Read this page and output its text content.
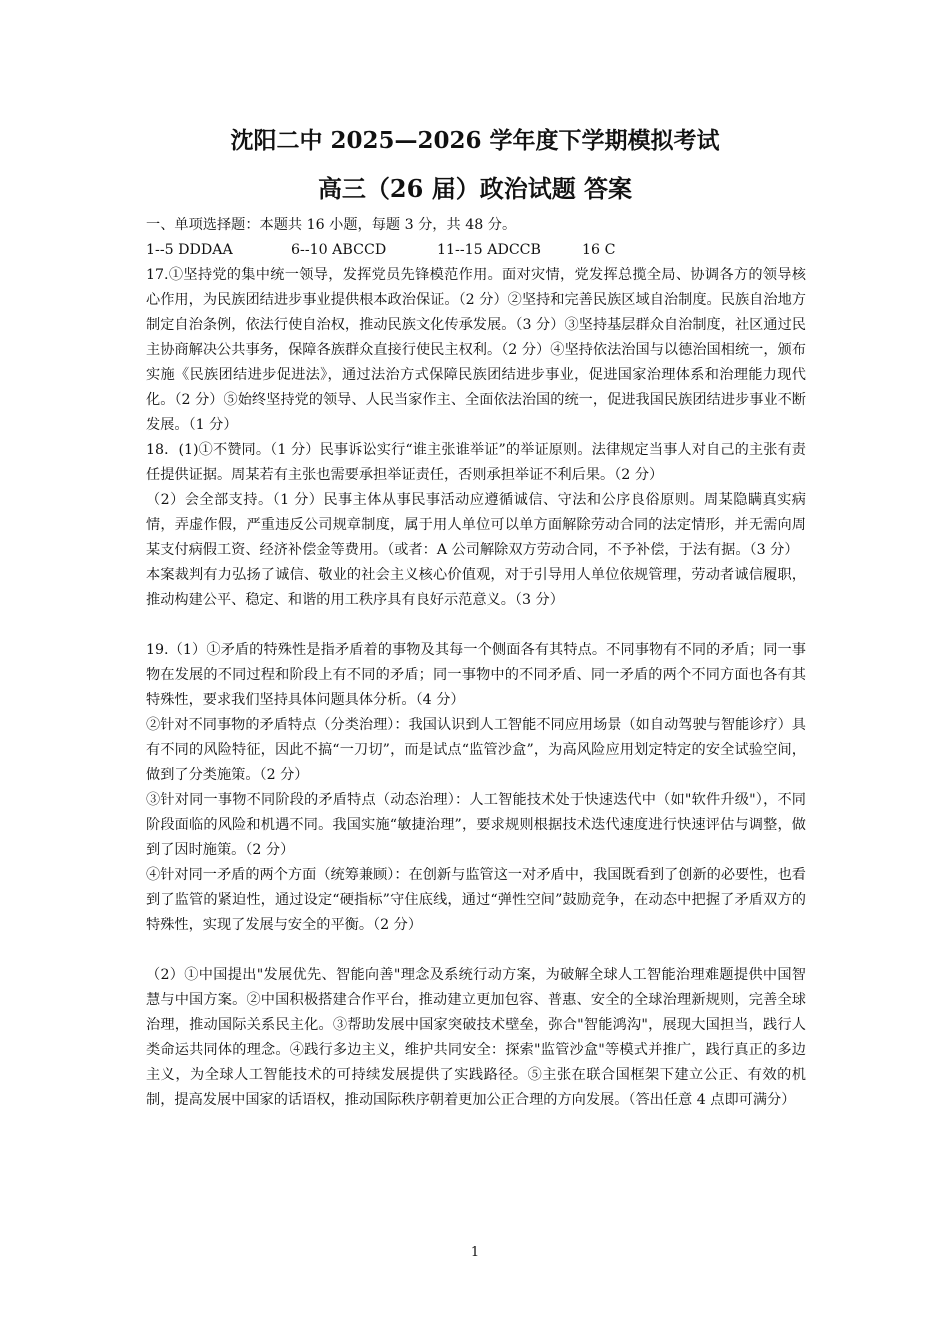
沈阳二中 2025—2026 学年度下学期模拟考试
高三（26 届）政治试题 答案

一、单项选择题：本题共 16 小题，每题 3 分，共 48 分。

1--5 DDDAA	6--10 ABCCD	11--15 ADCCB	16 C

17.①坚持党的集中统一领导，发挥党员先锋模范作用。面对灾情，党发挥总揽全局、协调各方的领导核心作用，为民族团结进步事业提供根本政治保证。（2 分）②坚持和完善民族区域自治制度。民族自治地方制定自治条例，依法行使自治权，推动民族文化传承发展。（3 分）③坚持基层群众自治制度，社区通过民主协商解决公共事务，保障各族群众直接行使民主权利。（2 分）④坚持依法治国与以德治国相统一，颁布实施《民族团结进步促进法》，通过法治方式保障民族团结进步事业，促进国家治理体系和治理能力现代化。（2 分）⑤始终坚持党的领导、人民当家作主、全面依法治国的统一，促进我国民族团结进步事业不断发展。（1 分）

18．(1)①不赞同。（1 分）民事诉讼实行“谁主张谁举证”的举证原则。法律规定当事人对自己的主张有责任提供证据。周某若有主张也需要承担举证责任，否则承担举证不利后果。（2 分）

（2）会全部支持。（1 分）民事主体从事民事活动应遵循诚信、守法和公序良俗原则。周某隐瞒真实病情，弄虚作假，严重违反公司规章制度，属于用人单位可以单方面解除劳动合同的法定情形，并无需向周某支付病假工资、经济补偿金等费用。（或者：A 公司解除双方劳动合同，不予补偿，于法有据。（3 分）

本案裁判有力弘扬了诚信、敬业的社会主义核心价值观，对于引导用人单位依规管理，劳动者诚信履职，推动构建公平、稳定、和谐的用工秩序具有良好示范意义。（3 分）

19.（1）①矛盾的特殊性是指矛盾着的事物及其每一个侧面各有其特点。不同事物有不同的矛盾；同一事物在发展的不同过程和阶段上有不同的矛盾；同一事物中的不同矛盾、同一矛盾的两个不同方面也各有其特殊性，要求我们坚持具体问题具体分析。（4 分）

②针对不同事物的矛盾特点（分类治理）：我国认识到人工智能不同应用场景（如自动驾驶与智能诊疗）具有不同的风险特征，因此不搞“一刀切”，而是试点“监管沙盒”，为高风险应用划定特定的安全试验空间，做到了分类施策。（2 分）

③针对同一事物不同阶段的矛盾特点（动态治理）：人工智能技术处于快速迭代中（如"软件升级"），不同阶段面临的风险和机遇不同。我国实施“敏捷治理”，要求规则根据技术迭代速度进行快速评估与调整，做到了因时施策。（2 分）

④针对同一矛盾的两个方面（统筹兼顾）：在创新与监管这一对矛盾中，我国既看到了创新的必要性，也看到了监管的紧迫性，通过设定“硬指标”守住底线，通过“弹性空间”鼓励竞争，在动态中把握了矛盾双方的特殊性，实现了发展与安全的平衡。（2 分）

（2）①中国提出"发展优先、智能向善"理念及系统行动方案，为破解全球人工智能治理难题提供中国智慧与中国方案。②中国积极搭建合作平台，推动建立更加包容、普惠、安全的全球治理新规则，完善全球治理，推动国际关系民主化。③帮助发展中国家突破技术壁垒，弥合"智能鸿沟"，展现大国担当，践行人类命运共同体的理念。④践行多边主义，维护共同安全：探索"监管沙盒"等模式并推广，践行真正的多边主义，为全球人工智能技术的可持续发展提供了实践路径。⑤主张在联合国框架下建立公正、有效的机制，提高发展中国家的话语权，推动国际秩序朝着更加公正合理的方向发展。（答出任意 4 点即可满分）

1
